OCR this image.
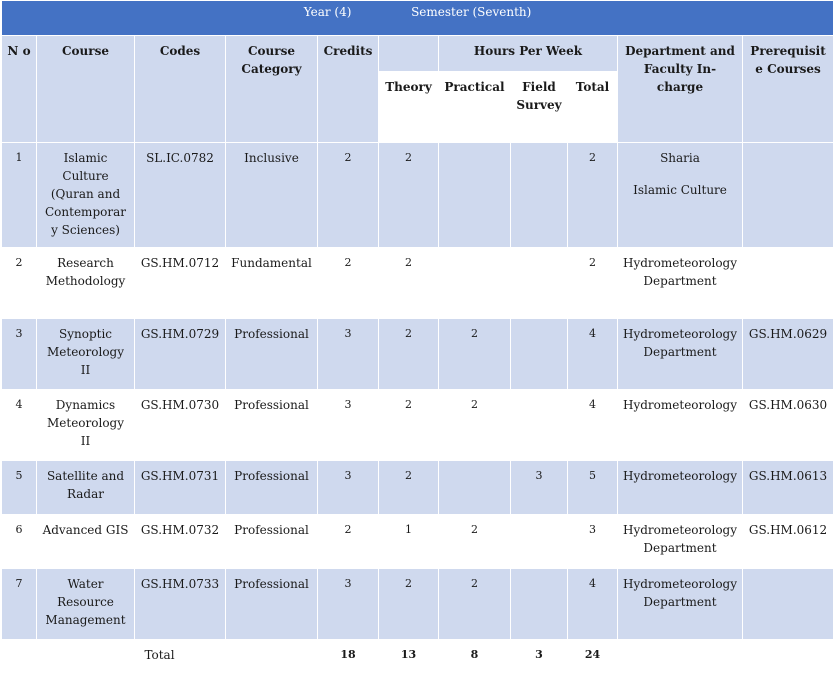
Year (4) Semester (Seventh)										
N o	Course	Codes	Course Category	Credits		Hours Per Week			Department and Faculty In-charge	Prerequisite Courses
					Theory	Practical	Field Survey	Total		
1	Islamic Culture (Quran and Contemporary Sciences)	SL.IC.0782	Inclusive	2	2			2	Sharia
Islamic Culture	

2	Research Methodology	GS.HM.0712	Fundamental	2	2			2	Hydrometeorology Department	

3	Synoptic Meteorology II	GS.HM.0729	Professional	3	2	2		4	Hydrometeorology Department	GS.HM.0629
4	Dynamics Meteorology II	GS.HM.0730	Professional	3	2	2		4	Hydrometeorology	GS.HM.0630
5	Satellite and Radar	GS.HM.0731	Professional	3	2		3	5	Hydrometeorology	GS.HM.0613
6	Advanced GIS	GS.HM.0732	Professional	2	1	2		3	Hydrometeorology Department	GS.HM.0612
7	Water Resource Management	GS.HM.0733	Professional	3	2	2		4	Hydrometeorology Department	

Total				18	13	8	3	24		
